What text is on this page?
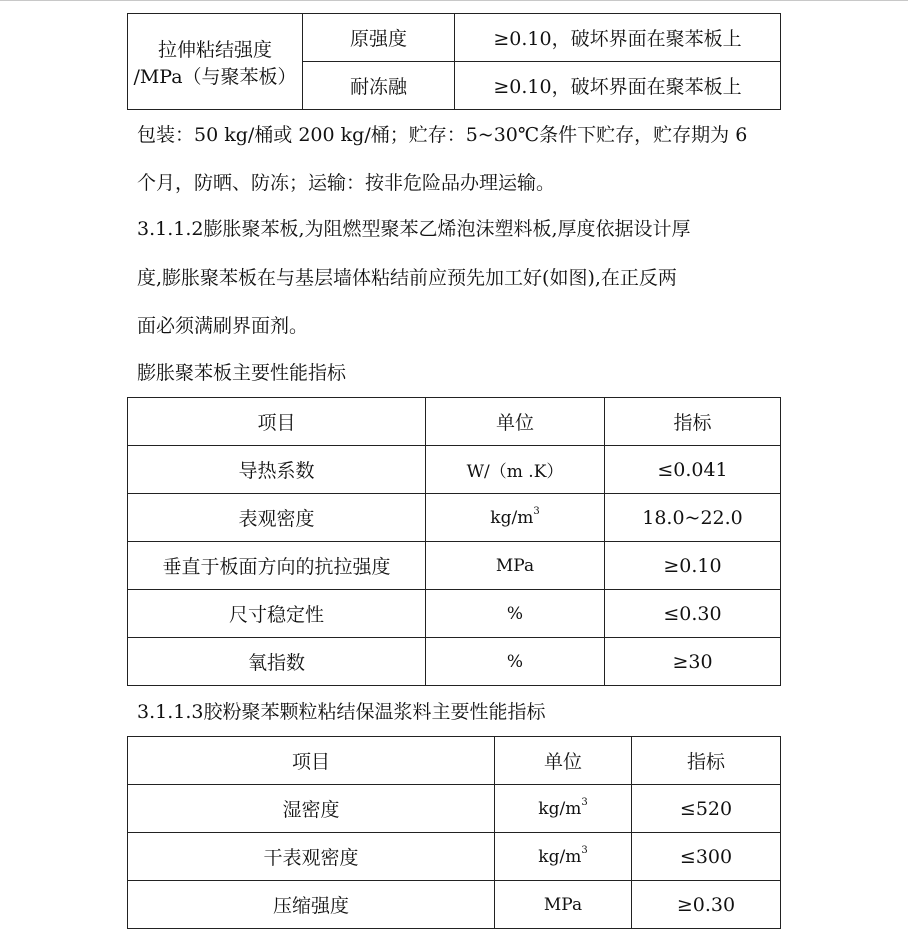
拉伸粘结强度
/MPa（与聚苯板）	原强度	≥0.10，破坏界面在聚苯板上
	耐冻融	≥0.10，破坏界面在聚苯板上
包装：50 kg/桶或 200 kg/桶；贮存：5~30℃条件下贮存，贮存期为 6
个月，防晒、防冻；运输：按非危险品办理运输。
3.1.1.2膨胀聚苯板,为阻燃型聚苯乙烯泡沫塑料板,厚度依据设计厚
度,膨胀聚苯板在与基层墙体粘结前应预先加工好(如图),在正反两
面必须满刷界面剂。
膨胀聚苯板主要性能指标
项目	单位	指标
导热系数	W/（m .K）	≤0.041
表观密度	$kg/m^3$	18.0~22.0
垂直于板面方向的抗拉强度	MPa	≥0.10
尺寸稳定性	%	≤0.30
氧指数	%	≥30
3.1.1.3胶粉聚苯颗粒粘结保温浆料主要性能指标
项目	单位	指标
湿密度	$kg/m^3$	≤520
干表观密度	$kg/m^3$	≤300
压缩强度	MPa	≥0.30
